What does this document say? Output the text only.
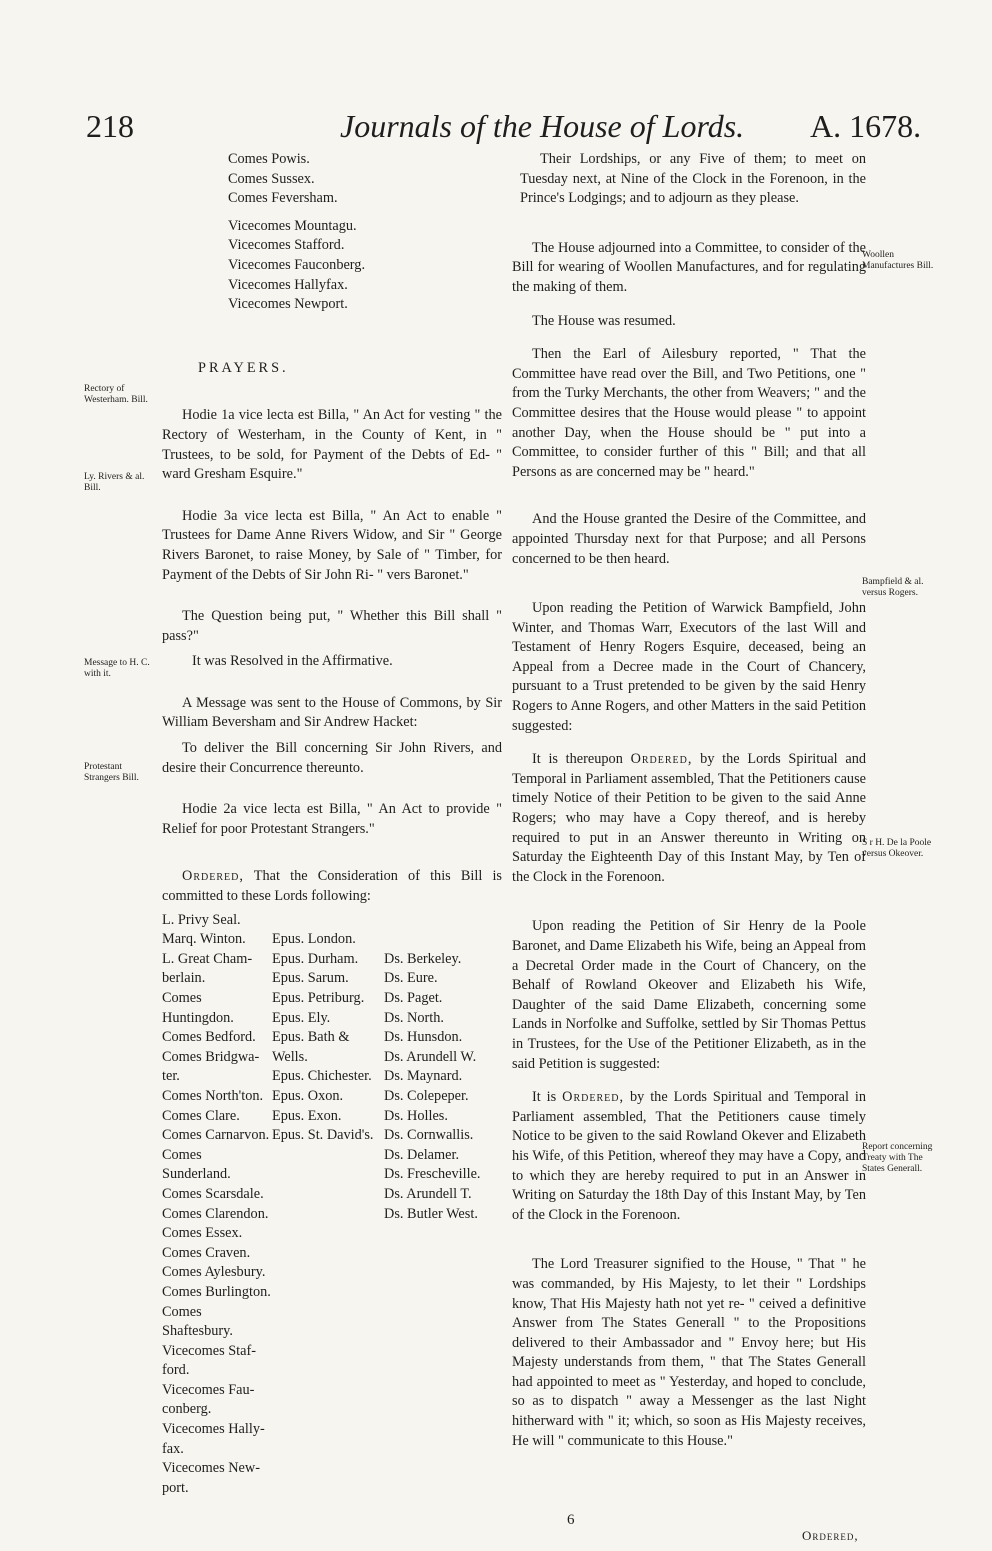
218	Journals of the House of Lords. A. 1678.
Rectory of Westerham. Bill.
Ly. Rivers & al. Bill.
Message to H. C. with it.
Protestant Strangers Bill.
Woollen Manufactures Bill.
Bampfield & al. versus Rogers.
S r H. De la Poole versus Okeover.
Report concerning Treaty with The States Generall.
Comes Powis.
Comes Sussex.
Comes Feversham.
Vicecomes Mountagu.
Vicecomes Stafford.
Vicecomes Fauconberg.
Vicecomes Hallyfax.
Vicecomes Newport.

PRAYERS.

Hodie 1a vice lecta est Billa, " An Act for vesting " the Rectory of Westerham, in the County of Kent, in " Trustees, to be sold, for Payment of the Debts of Ed- " ward Gresham Esquire."

Hodie 3a vice lecta est Billa, " An Act to enable " Trustees for Dame Anne Rivers Widow, and Sir " George Rivers Baronet, to raise Money, by Sale of " Timber, for Payment of the Debts of Sir John Ri- " vers Baronet."

The Question being put, " Whether this Bill shall " pass?"

It was Resolved in the Affirmative.

A Message was sent to the House of Commons, by Sir William Beversham and Sir Andrew Hacket:

To deliver the Bill concerning Sir John Rivers, and desire their Concurrence thereunto.

Hodie 2a vice lecta est Billa, " An Act to provide " Relief for poor Protestant Strangers."

Ordered, That the Consideration of this Bill is committed to these Lords following:

L. Privy Seal.
Marq. Winton.
L. Great Cham- berlain.
Comes Huntingdon.
Comes Bedford.
Comes Bridgwa- ter.
Comes North'ton.
Comes Clare.
Comes Carnarvon.
Comes Sunderland.
Comes Scarsdale.
Comes Clarendon.
Comes Essex.
Comes Craven.
Comes Aylesbury.
Comes Burlington.
Comes Shaftesbury.
Vicecomes Staf- ford.
Vicecomes Fau- conberg.
Vicecomes Hally- fax.
Vicecomes New- port.

Epus. London.
Epus. Durham.
Epus. Sarum.
Epus. Petriburg.
Epus. Ely.
Epus. Bath & Wells.
Epus. Chichester.
Epus. Oxon.
Epus. Exon.
Epus. St. David's.

Ds. Berkeley.
Ds. Eure.
Ds. Paget.
Ds. North.
Ds. Hunsdon.
Ds. Arundell W.
Ds. Maynard.
Ds. Colepeper.
Ds. Holles.
Ds. Cornwallis.
Ds. Delamer.
Ds. Frescheville.
Ds. Arundell T.
Ds. Butler West.

Their Lordships, or any Five of them; to meet on Tuesday next, at Nine of the Clock in the Forenoon, in the Prince's Lodgings; and to adjourn as they please.

The House adjourned into a Committee, to consider of the Bill for wearing of Woollen Manufactures, and for regulating the making of them.

The House was resumed.

Then the Earl of Ailesbury reported, " That the Committee have read over the Bill, and Two Petitions, one " from the Turky Merchants, the other from Weavers; " and the Committee desires that the House would please " to appoint another Day, when the House should be " put into a Committee, to consider further of this " Bill; and that all Persons as are concerned may be " heard."

And the House granted the Desire of the Committee, and appointed Thursday next for that Purpose; and all Persons concerned to be then heard.

Upon reading the Petition of Warwick Bampfield, John Winter, and Thomas Warr, Executors of the last Will and Testament of Henry Rogers Esquire, deceased, being an Appeal from a Decree made in the Court of Chancery, pursuant to a Trust pretended to be given by the said Henry Rogers to Anne Rogers, and other Matters in the said Petition suggested:

It is thereupon Ordered, by the Lords Spiritual and Temporal in Parliament assembled, That the Petitioners cause timely Notice of their Petition to be given to the said Anne Rogers; who may have a Copy thereof, and is hereby required to put in an Answer thereunto in Writing on Saturday the Eighteenth Day of this Instant May, by Ten of the Clock in the Forenoon.

Upon reading the Petition of Sir Henry de la Poole Baronet, and Dame Elizabeth his Wife, being an Appeal from a Decretal Order made in the Court of Chancery, on the Behalf of Rowland Okeover and Elizabeth his Wife, Daughter of the said Dame Elizabeth, concerning some Lands in Norfolke and Suffolke, settled by Sir Thomas Pettus in Trustees, for the Use of the Petitioner Elizabeth, as in the said Petition is suggested:

It is Ordered, by the Lords Spiritual and Temporal in Parliament assembled, That the Petitioners cause timely Notice to be given to the said Rowland Okever and Elizabeth his Wife, of this Petition, whereof they may have a Copy, and to which they are hereby required to put in an Answer in Writing on Saturday the 18th Day of this Instant May, by Ten of the Clock in the Forenoon.

The Lord Treasurer signified to the House, " That " he was commanded, by His Majesty, to let their " Lordships know, That His Majesty hath not yet re- " ceived a definitive Answer from The States Generall " to the Propositions delivered to their Ambassador and " Envoy here; but His Majesty understands from them, " that The States Generall had appointed to meet as " Yesterday, and hoped to conclude, so as to dispatch " away a Messenger as the last Night hitherward with " it; which, so soon as His Majesty receives, He will " communicate to this House."

6
Ordered,
